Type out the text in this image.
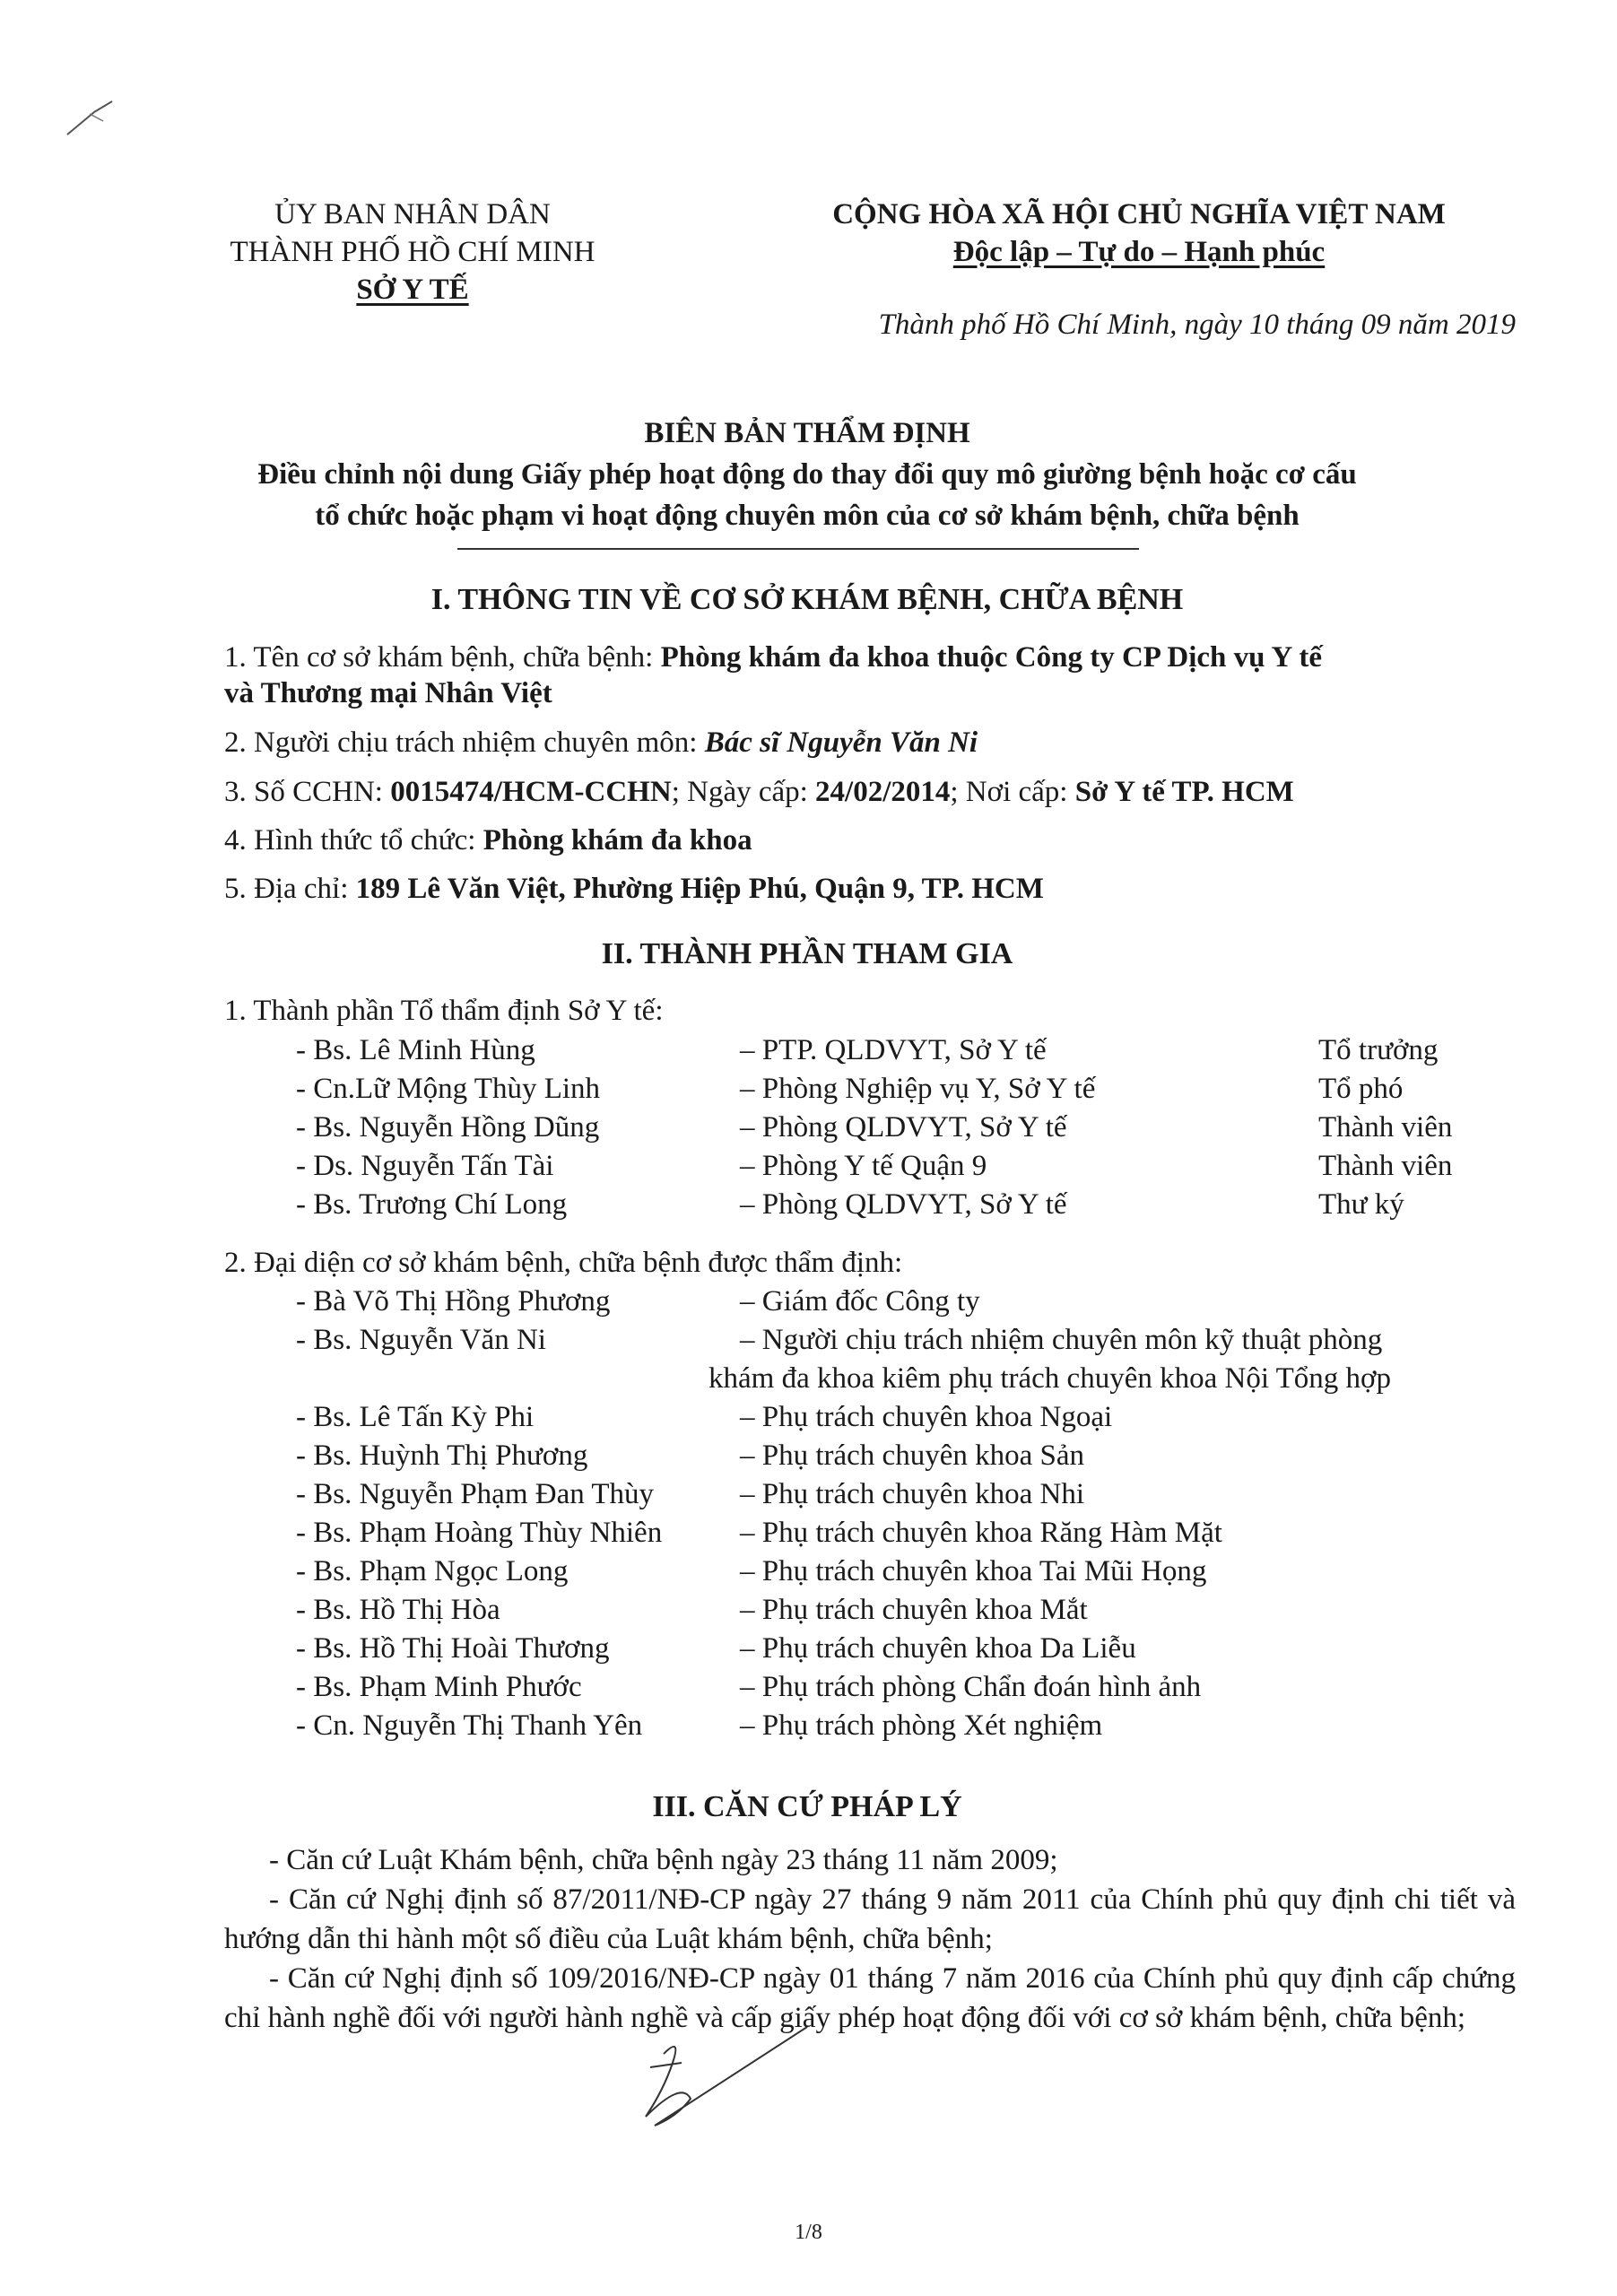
ỦY BAN NHÂN DÂN
THÀNH PHỐ HỒ CHÍ MINH
SỞ Y TẾ
CỘNG HÒA XÃ HỘI CHỦ NGHĨA VIỆT NAM
Độc lập – Tự do – Hạnh phúc
Thành phố Hồ Chí Minh, ngày 10 tháng 09 năm 2019
BIÊN BẢN THẨM ĐỊNH
Điều chỉnh nội dung Giấy phép hoạt động do thay đổi quy mô giường bệnh hoặc cơ cấu
tổ chức hoặc phạm vi hoạt động chuyên môn của cơ sở khám bệnh, chữa bệnh
I. THÔNG TIN VỀ CƠ SỞ KHÁM BỆNH, CHỮA BỆNH
1. Tên cơ sở khám bệnh, chữa bệnh: Phòng khám đa khoa thuộc Công ty CP Dịch vụ Y tế
và Thương mại Nhân Việt
2. Người chịu trách nhiệm chuyên môn: Bác sĩ Nguyễn Văn Ni
3. Số CCHN: 0015474/HCM-CCHN; Ngày cấp: 24/02/2014; Nơi cấp: Sở Y tế TP. HCM
4. Hình thức tổ chức: Phòng khám đa khoa
5. Địa chỉ: 189 Lê Văn Việt, Phường Hiệp Phú, Quận 9, TP. HCM
II. THÀNH PHẦN THAM GIA
1. Thành phần Tổ thẩm định Sở Y tế:
- Bs. Lê Minh Hùng	– PTP. QLDVYT, Sở Y tế	Tổ trưởng
- Cn.Lữ Mộng Thùy Linh	– Phòng Nghiệp vụ Y, Sở Y tế	Tổ phó
- Bs. Nguyễn Hồng Dũng	– Phòng QLDVYT, Sở Y tế	Thành viên
- Ds. Nguyễn Tấn Tài	– Phòng Y tế Quận 9	Thành viên
- Bs. Trương Chí Long	– Phòng QLDVYT, Sở Y tế	Thư ký
2. Đại diện cơ sở khám bệnh, chữa bệnh được thẩm định:
- Bà Võ Thị Hồng Phương	– Giám đốc Công ty
- Bs. Nguyễn Văn Ni	– Người chịu trách nhiệm chuyên môn kỹ thuật phòng
khám đa khoa kiêm phụ trách chuyên khoa Nội Tổng hợp
- Bs. Lê Tấn Kỳ Phi	– Phụ trách chuyên khoa Ngoại
- Bs. Huỳnh Thị Phương	– Phụ trách chuyên khoa Sản
- Bs. Nguyễn Phạm Đan Thùy	– Phụ trách chuyên khoa Nhi
- Bs. Phạm Hoàng Thùy Nhiên	– Phụ trách chuyên khoa Răng Hàm Mặt
- Bs. Phạm Ngọc Long	– Phụ trách chuyên khoa Tai Mũi Họng
- Bs. Hồ Thị Hòa	– Phụ trách chuyên khoa Mắt
- Bs. Hồ Thị Hoài Thương	– Phụ trách chuyên khoa Da Liễu
- Bs. Phạm Minh Phước	– Phụ trách phòng Chẩn đoán hình ảnh
- Cn. Nguyễn Thị Thanh Yên	– Phụ trách phòng Xét nghiệm
III. CĂN CỨ PHÁP LÝ
- Căn cứ Luật Khám bệnh, chữa bệnh ngày 23 tháng 11 năm 2009;
- Căn cứ Nghị định số 87/2011/NĐ-CP ngày 27 tháng 9 năm 2011 của Chính phủ quy định chi tiết và hướng dẫn thi hành một số điều của Luật khám bệnh, chữa bệnh;
- Căn cứ Nghị định số 109/2016/NĐ-CP ngày 01 tháng 7 năm 2016 của Chính phủ quy định cấp chứng chỉ hành nghề đối với người hành nghề và cấp giấy phép hoạt động đối với cơ sở khám bệnh, chữa bệnh;
1/8
